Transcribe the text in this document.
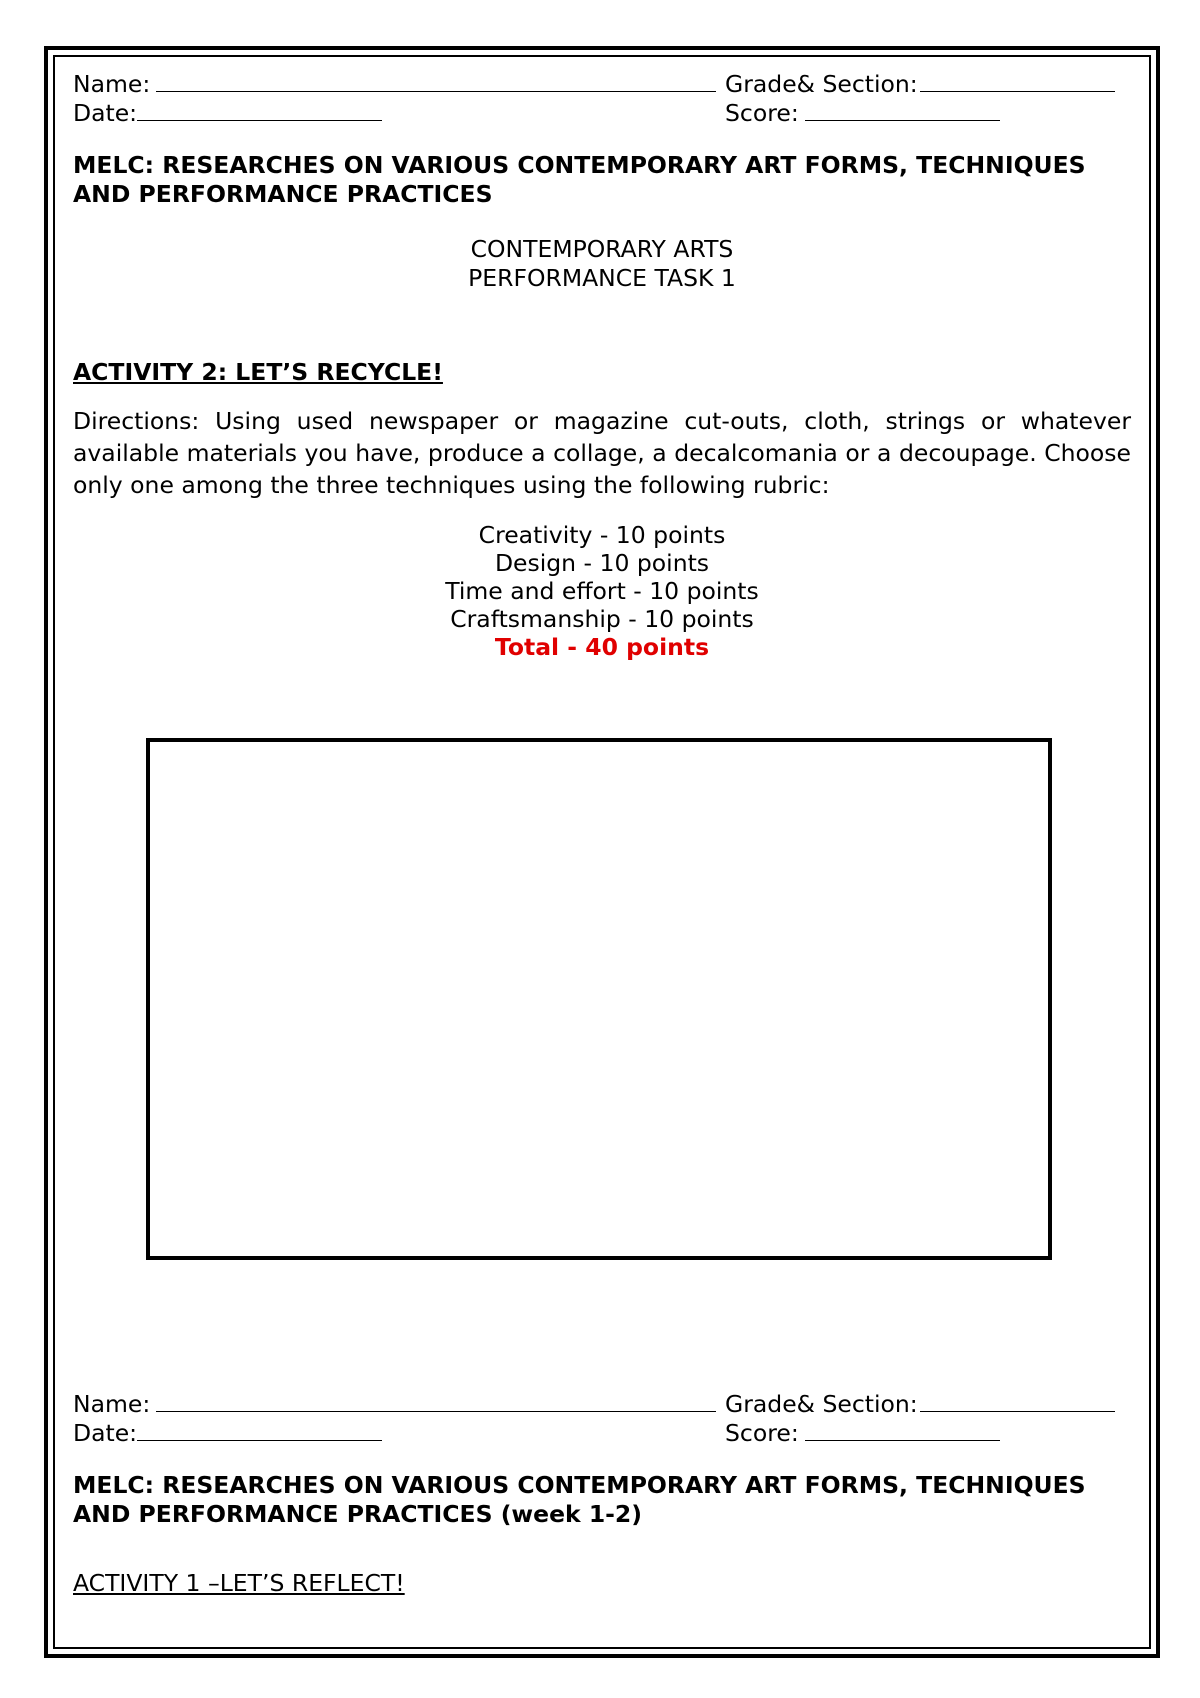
Name:	Grade& Section:
Date:	Score:
MELC: RESEARCHES ON VARIOUS CONTEMPORARY ART FORMS, TECHNIQUES
AND PERFORMANCE PRACTICES
CONTEMPORARY ARTS
PERFORMANCE TASK 1
ACTIVITY 2: LET’S RECYCLE!
Directions: Using used newspaper or magazine cut-outs, cloth, strings or whatever available materials you have, produce a collage, a decalcomania or a decoupage. Choose only one among the three techniques using the following rubric:
Creativity - 10 points
Design - 10 points
Time and effort - 10 points
Craftsmanship - 10 points
Total - 40 points
Name:	Grade& Section:
Date:	Score:
MELC: RESEARCHES ON VARIOUS CONTEMPORARY ART FORMS, TECHNIQUES
AND PERFORMANCE PRACTICES (week 1-2)
ACTIVITY 1 –LET’S REFLECT!
